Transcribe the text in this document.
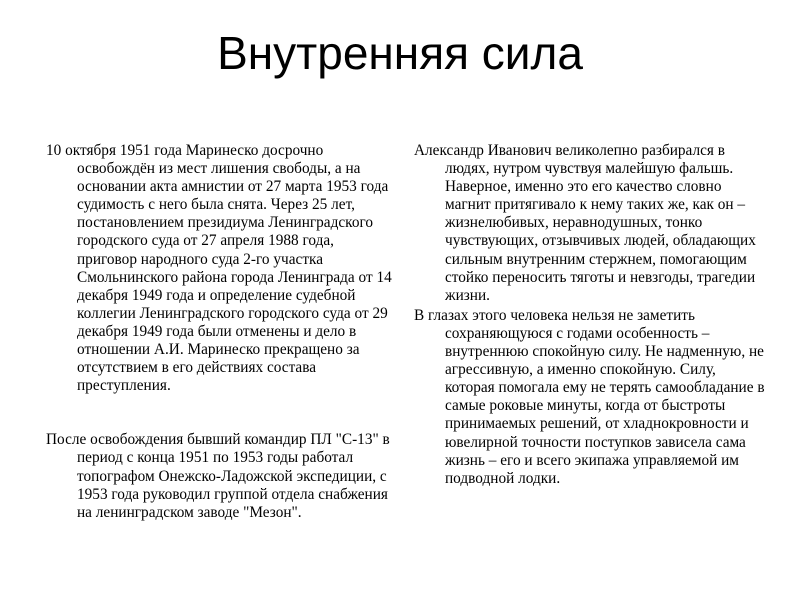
Внутренняя сила

10 октября 1951 года Маринеско досрочно освобождён из мест лишения свободы, а на основании акта амнистии от 27 марта 1953 года судимость с него была снята. Через 25 лет, постановлением президиума Ленинградского городского суда от 27 апреля 1988 года, приговор народного суда 2-го участка Смольнинского района города Ленинграда от 14 декабря 1949 года и определение судебной коллегии Ленинградского городского суда от 29 декабря 1949 года были отменены и дело в отношении А.И. Маринеско прекращено за отсутствием в его действиях состава преступления.

После освобождения бывший командир ПЛ "С-13" в период с конца 1951 по 1953 годы работал топографом Онежско-Ладожской экспедиции, с 1953 года руководил группой отдела снабжения на ленинградском заводе "Мезон".

Александр Иванович великолепно разбирался в людях, нутром чувствуя малейшую фальшь. Наверное, именно это его качество словно магнит притягивало к нему таких же, как он – жизнелюбивых, неравнодушных, тонко чувствующих, отзывчивых людей, обладающих сильным внутренним стержнем, помогающим стойко переносить тяготы и невзгоды, трагедии жизни.

В глазах этого человека нельзя не заметить сохраняющуюся с годами особенность – внутреннюю спокойную силу. Не надменную, не агрессивную, а именно спокойную. Силу, которая помогала ему не терять самообладание в самые роковые минуты, когда от быстроты принимаемых решений, от хладнокровности и ювелирной точности поступков зависела сама жизнь – его и всего экипажа управляемой им подводной лодки.
